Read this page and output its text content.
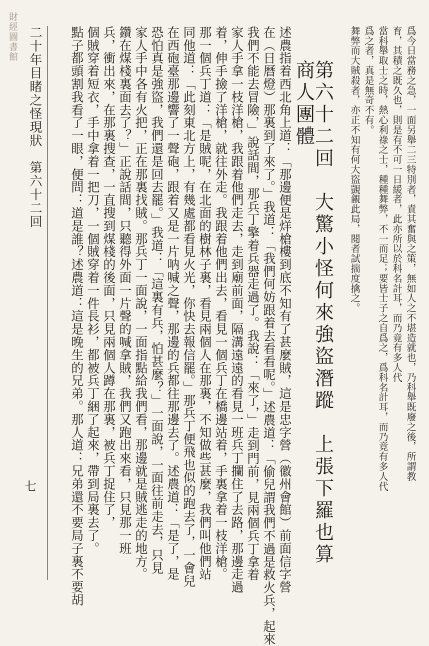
財經圖書館	爲今日當務之急，一面另舉二三特別者，責其奮與之策，無如人之不堪造就也，乃科舉既廢之後，所謂教
育，其積之既久也，則是有不可一日緩者，此亦所以於科名計耳，而乃竟有多人代
當科舉取士之時，熱心利祿之士，種種舞弊，不一而足；要皆士子之自爲之，爲科名計耳，而乃竟有多人代
爲之者，真是無奇不有。
舞弊而大賊殺者，亦正不知有何大盜覬覦此局，閱者試揣度擒之。
第六十二回　大驚小怪何來強盜潛蹤　上張下羅也算商人團體
述農指着西北角上道：「那邊便是烊槍樓到底不知有了甚麼賊，這是忠字營（徽州會館）前面信字營
在（日曆燈）那裏到了來了。」我道：「我們何妨跟着去看看呢。」述農道：「偷兒謂我們不過是救火兵，起來
我們不能去冒險，」說話間，那兵丁擎着兵器走過了。我說：「來了，」走到門前，見兩個兵丁拿着
家人手拿一枝洋槍，我跟着他們走去，走到廟前面，隔溝遠遠的看見一班兵丁攔住了去路，那邊走過
着，伸手撿了洋槍，就往外走。我跟着他們出去，看見一個兵丁在橋邊站着，手裏拿着一枝洋槍。
那一個兵丁道：「是賊呢，在北面的樹林子裏，看見兩個人在那裏，不知做些甚麼，我們叫他們站
同他道：「此刻東北方上，有幾處都看見火光，你快去報信罷。」那兵丁便飛也似的跑去了，一會兒
在西砲臺那邊響了一聲砲，跟着又是一片呐喊之聲，那邊的兵都往那邊去了。述農道：「是了，是
恐怕真是強盜，我們還是回去罷。」我道：「這裏有兵，怕甚麼？」一面說，一面往前走去，只見
家人手中各有火把，正在那裏找賊。那兵丁一面說，一面指點給我們看，那邊就是賊逃走的地方。
鑽在煤棧裏面去了？」正說話間，只聽得外面一片聲的喊拿賊，我們又跑出來看，只見那一班
兵，衝出來，在那裏搜查，一直搜到煤棧的後面，只見兩個人蹲在那裏，被兵丁捉住了，
個賊穿着短衣，手中拿着一把刀，一個賊穿着一件長衫，都被兵丁綑了起來，帶到局裏去了。
點子都頭割我看了一眼，便問：道是誰？述農道：這是晚生的兄弟。那人道：兄弟還不要局子裏不要胡
二十年目睹之怪現狀　第六十二回
七
